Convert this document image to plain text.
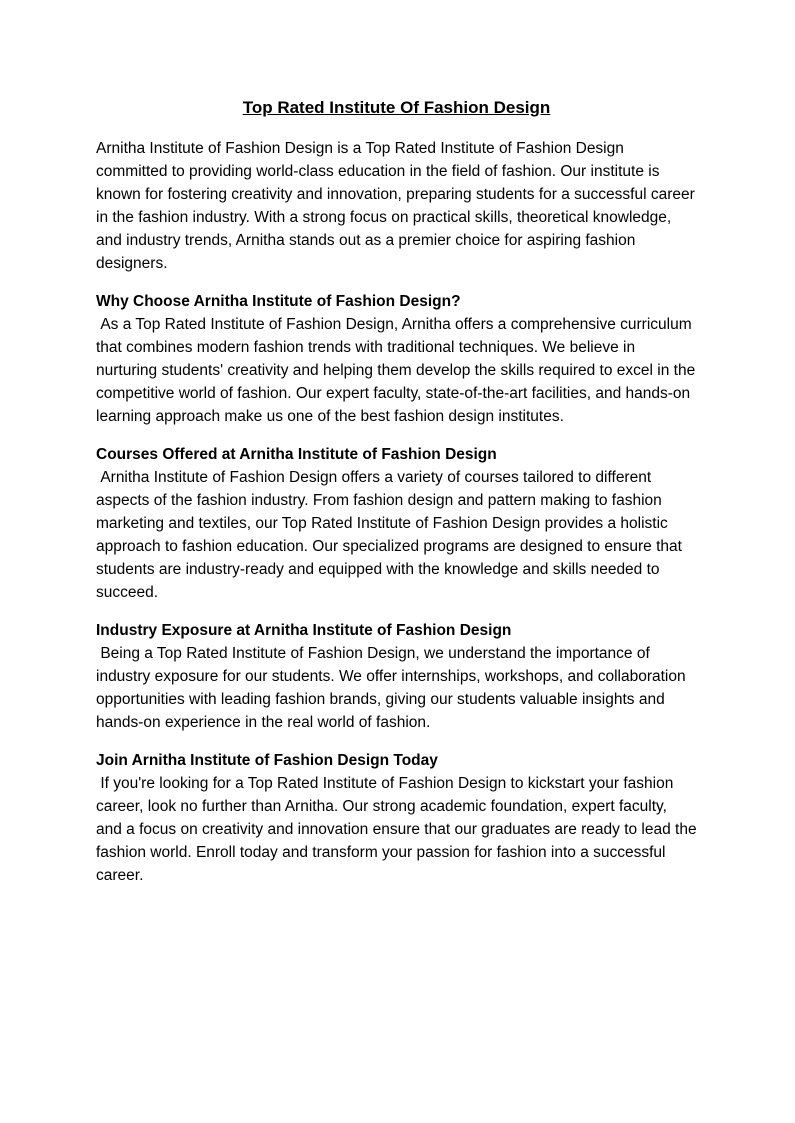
Top Rated Institute Of Fashion Design

Arnitha Institute of Fashion Design is a Top Rated Institute of Fashion Design committed to providing world-class education in the field of fashion. Our institute is known for fostering creativity and innovation, preparing students for a successful career in the fashion industry. With a strong focus on practical skills, theoretical knowledge, and industry trends, Arnitha stands out as a premier choice for aspiring fashion designers.

Why Choose Arnitha Institute of Fashion Design?
As a Top Rated Institute of Fashion Design, Arnitha offers a comprehensive curriculum that combines modern fashion trends with traditional techniques. We believe in nurturing students' creativity and helping them develop the skills required to excel in the competitive world of fashion. Our expert faculty, state-of-the-art facilities, and hands-on learning approach make us one of the best fashion design institutes.

Courses Offered at Arnitha Institute of Fashion Design
Arnitha Institute of Fashion Design offers a variety of courses tailored to different aspects of the fashion industry. From fashion design and pattern making to fashion marketing and textiles, our Top Rated Institute of Fashion Design provides a holistic approach to fashion education. Our specialized programs are designed to ensure that students are industry-ready and equipped with the knowledge and skills needed to succeed.

Industry Exposure at Arnitha Institute of Fashion Design
Being a Top Rated Institute of Fashion Design, we understand the importance of industry exposure for our students. We offer internships, workshops, and collaboration opportunities with leading fashion brands, giving our students valuable insights and hands-on experience in the real world of fashion.

Join Arnitha Institute of Fashion Design Today
If you're looking for a Top Rated Institute of Fashion Design to kickstart your fashion career, look no further than Arnitha. Our strong academic foundation, expert faculty, and a focus on creativity and innovation ensure that our graduates are ready to lead the fashion world. Enroll today and transform your passion for fashion into a successful career.
